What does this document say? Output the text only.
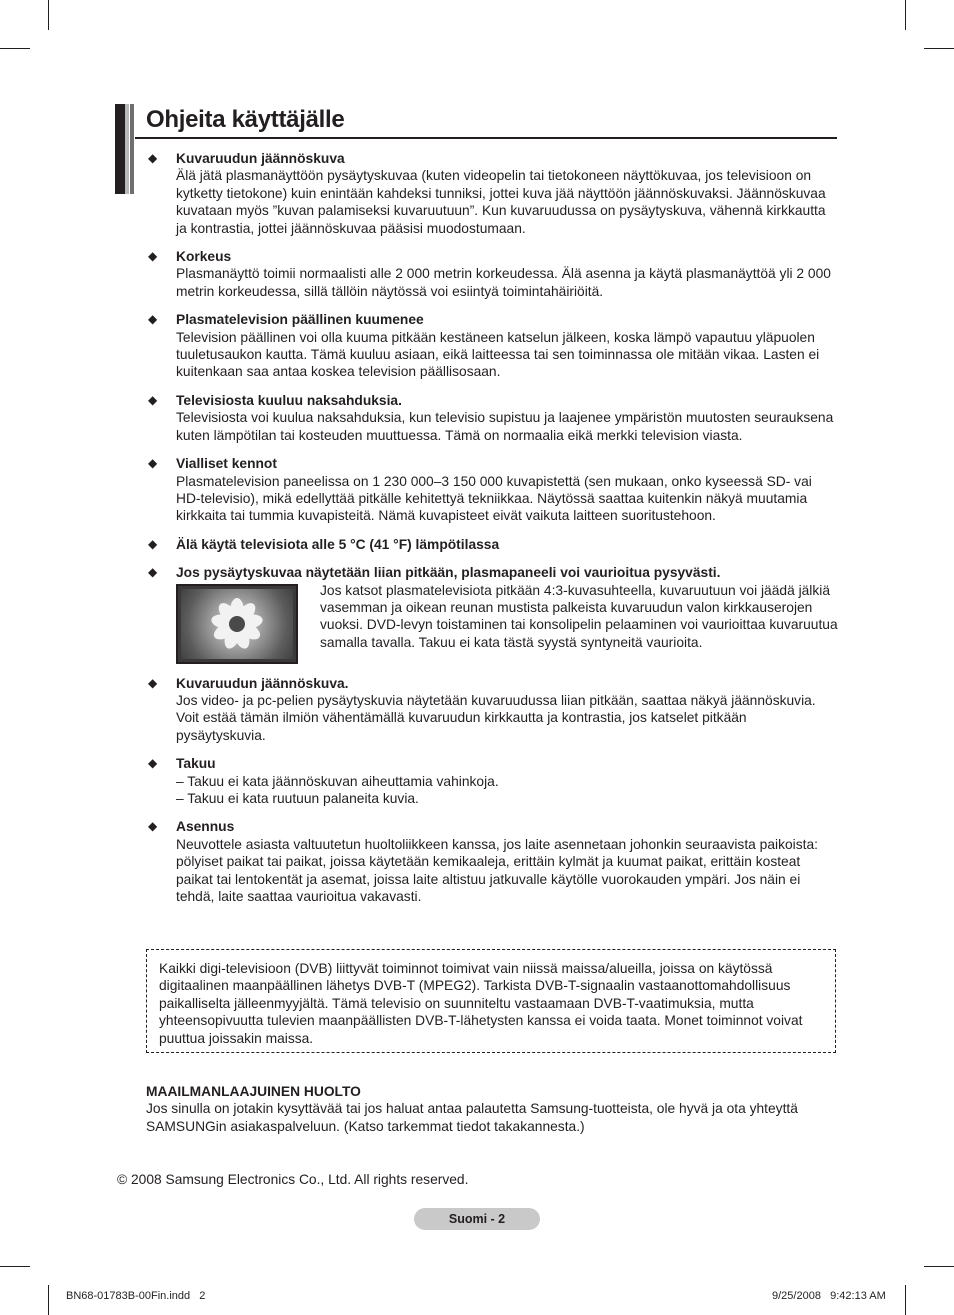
Ohjeita käyttäjälle
◆ Kuvaruudun jäännöskuva

Älä jätä plasmanäyttöön pysäytyskuvaa (kuten videopelin tai tietokoneen näyttökuvaa, jos televisioon on kytketty tietokone) kuin enintään kahdeksi tunniksi, jottei kuva jää näyttöön jäännöskuvaksi. Jäännöskuvaa kuvataan myös ”kuvan palamiseksi kuvaruutuun”. Kun kuvaruudussa on pysäytyskuva, vähennä kirkkautta ja kontrastia, jottei jäännöskuvaa pääsisi muodostumaan.

◆ Korkeus

Plasmanäyttö toimii normaalisti alle 2 000 metrin korkeudessa. Älä asenna ja käytä plasmanäyttöä yli 2 000 metrin korkeudessa, sillä tällöin näytössä voi esiintyä toimintahäiriöitä.

◆ Plasmatelevision päällinen kuumenee

Television päällinen voi olla kuuma pitkään kestäneen katselun jälkeen, koska lämpö vapautuu yläpuolen tuuletusaukon kautta. Tämä kuuluu asiaan, eikä laitteessa tai sen toiminnassa ole mitään vikaa. Lasten ei kuitenkaan saa antaa koskea television päällisosaan.

◆ Televisiosta kuuluu naksahduksia.

Televisiosta voi kuulua naksahduksia, kun televisio supistuu ja laajenee ympäristön muutosten seurauksena kuten lämpötilan tai kosteuden muuttuessa. Tämä on normaalia eikä merkki television viasta.

◆ Vialliset kennot

Plasmatelevision paneelissa on 1 230 000–3 150 000 kuvapistettä (sen mukaan, onko kyseessä SD- vai HD-televisio), mikä edellyttää pitkälle kehitettyä tekniikkaa. Näytössä saattaa kuitenkin näkyä muutamia kirkkaita tai tummia kuvapisteitä. Nämä kuvapisteet eivät vaikuta laitteen suoritustehoon.

◆ Älä käytä televisiota alle 5 °C (41 °F) lämpötilassa
◆ Jos pysäytyskuvaa näytetään liian pitkään, plasmapaneeli voi vaurioitua pysyvästi.

Jos katsot plasmatelevisiota pitkään 4:3-kuvasuhteella, kuvaruutuun voi jäädä jälkiä vasemman ja oikean reunan mustista palkeista kuvaruudun valon kirkkauserojen vuoksi. DVD-levyn toistaminen tai konsolipelin pelaaminen voi vaurioittaa kuvaruutua samalla tavalla. Takuu ei kata tästä syystä syntyneitä vaurioita.

◆ Kuvaruudun jäännöskuva.

Jos video- ja pc-pelien pysäytyskuvia näytetään kuvaruudussa liian pitkään, saattaa näkyä jäännöskuvia. Voit estää tämän ilmiön vähentämällä kuvaruudun kirkkautta ja kontrastia, jos katselet pitkään pysäytyskuvia.

◆ Takuu
– Takuu ei kata jäännöskuvan aiheuttamia vahinkoja.
– Takuu ei kata ruutuun palaneita kuvia.
◆ Asennus

Neuvottele asiasta valtuutetun huoltoliikkeen kanssa, jos laite asennetaan johonkin seuraavista paikoista: pölyiset paikat tai paikat, joissa käytetään kemikaaleja, erittäin kylmät ja kuumat paikat, erittäin kosteat paikat tai lentokentät ja asemat, joissa laite altistuu jatkuvalle käytölle vuorokauden ympäri. Jos näin ei tehdä, laite saattaa vaurioitua vakavasti.

Kaikki digi-televisioon (DVB) liittyvät toiminnot toimivat vain niissä maissa/alueilla, joissa on käytössä digitaalinen maanpäällinen lähetys DVB-T (MPEG2). Tarkista DVB-T-signaalin vastaanottomahdollisuus paikalliselta jälleenmyyjältä. Tämä televisio on suunniteltu vastaamaan DVB-T-vaatimuksia, mutta yhteensopivuutta tulevien maanpäällisten DVB-T-lähetysten kanssa ei voida taata. Monet toiminnot voivat puuttua joissakin maissa.
MAAILMANLAAJUINEN HUOLTO
Jos sinulla on jotakin kysyttävää tai jos haluat antaa palautetta Samsung-tuotteista, ole hyvä ja ota yhteyttä SAMSUNGin asiakaspalveluun. (Katso tarkemmat tiedot takakannesta.)
© 2008 Samsung Electronics Co., Ltd. All rights reserved.
Suomi - 2
BN68-01783B-00Fin.indd   2	9/25/2008   9:42:13 AM
